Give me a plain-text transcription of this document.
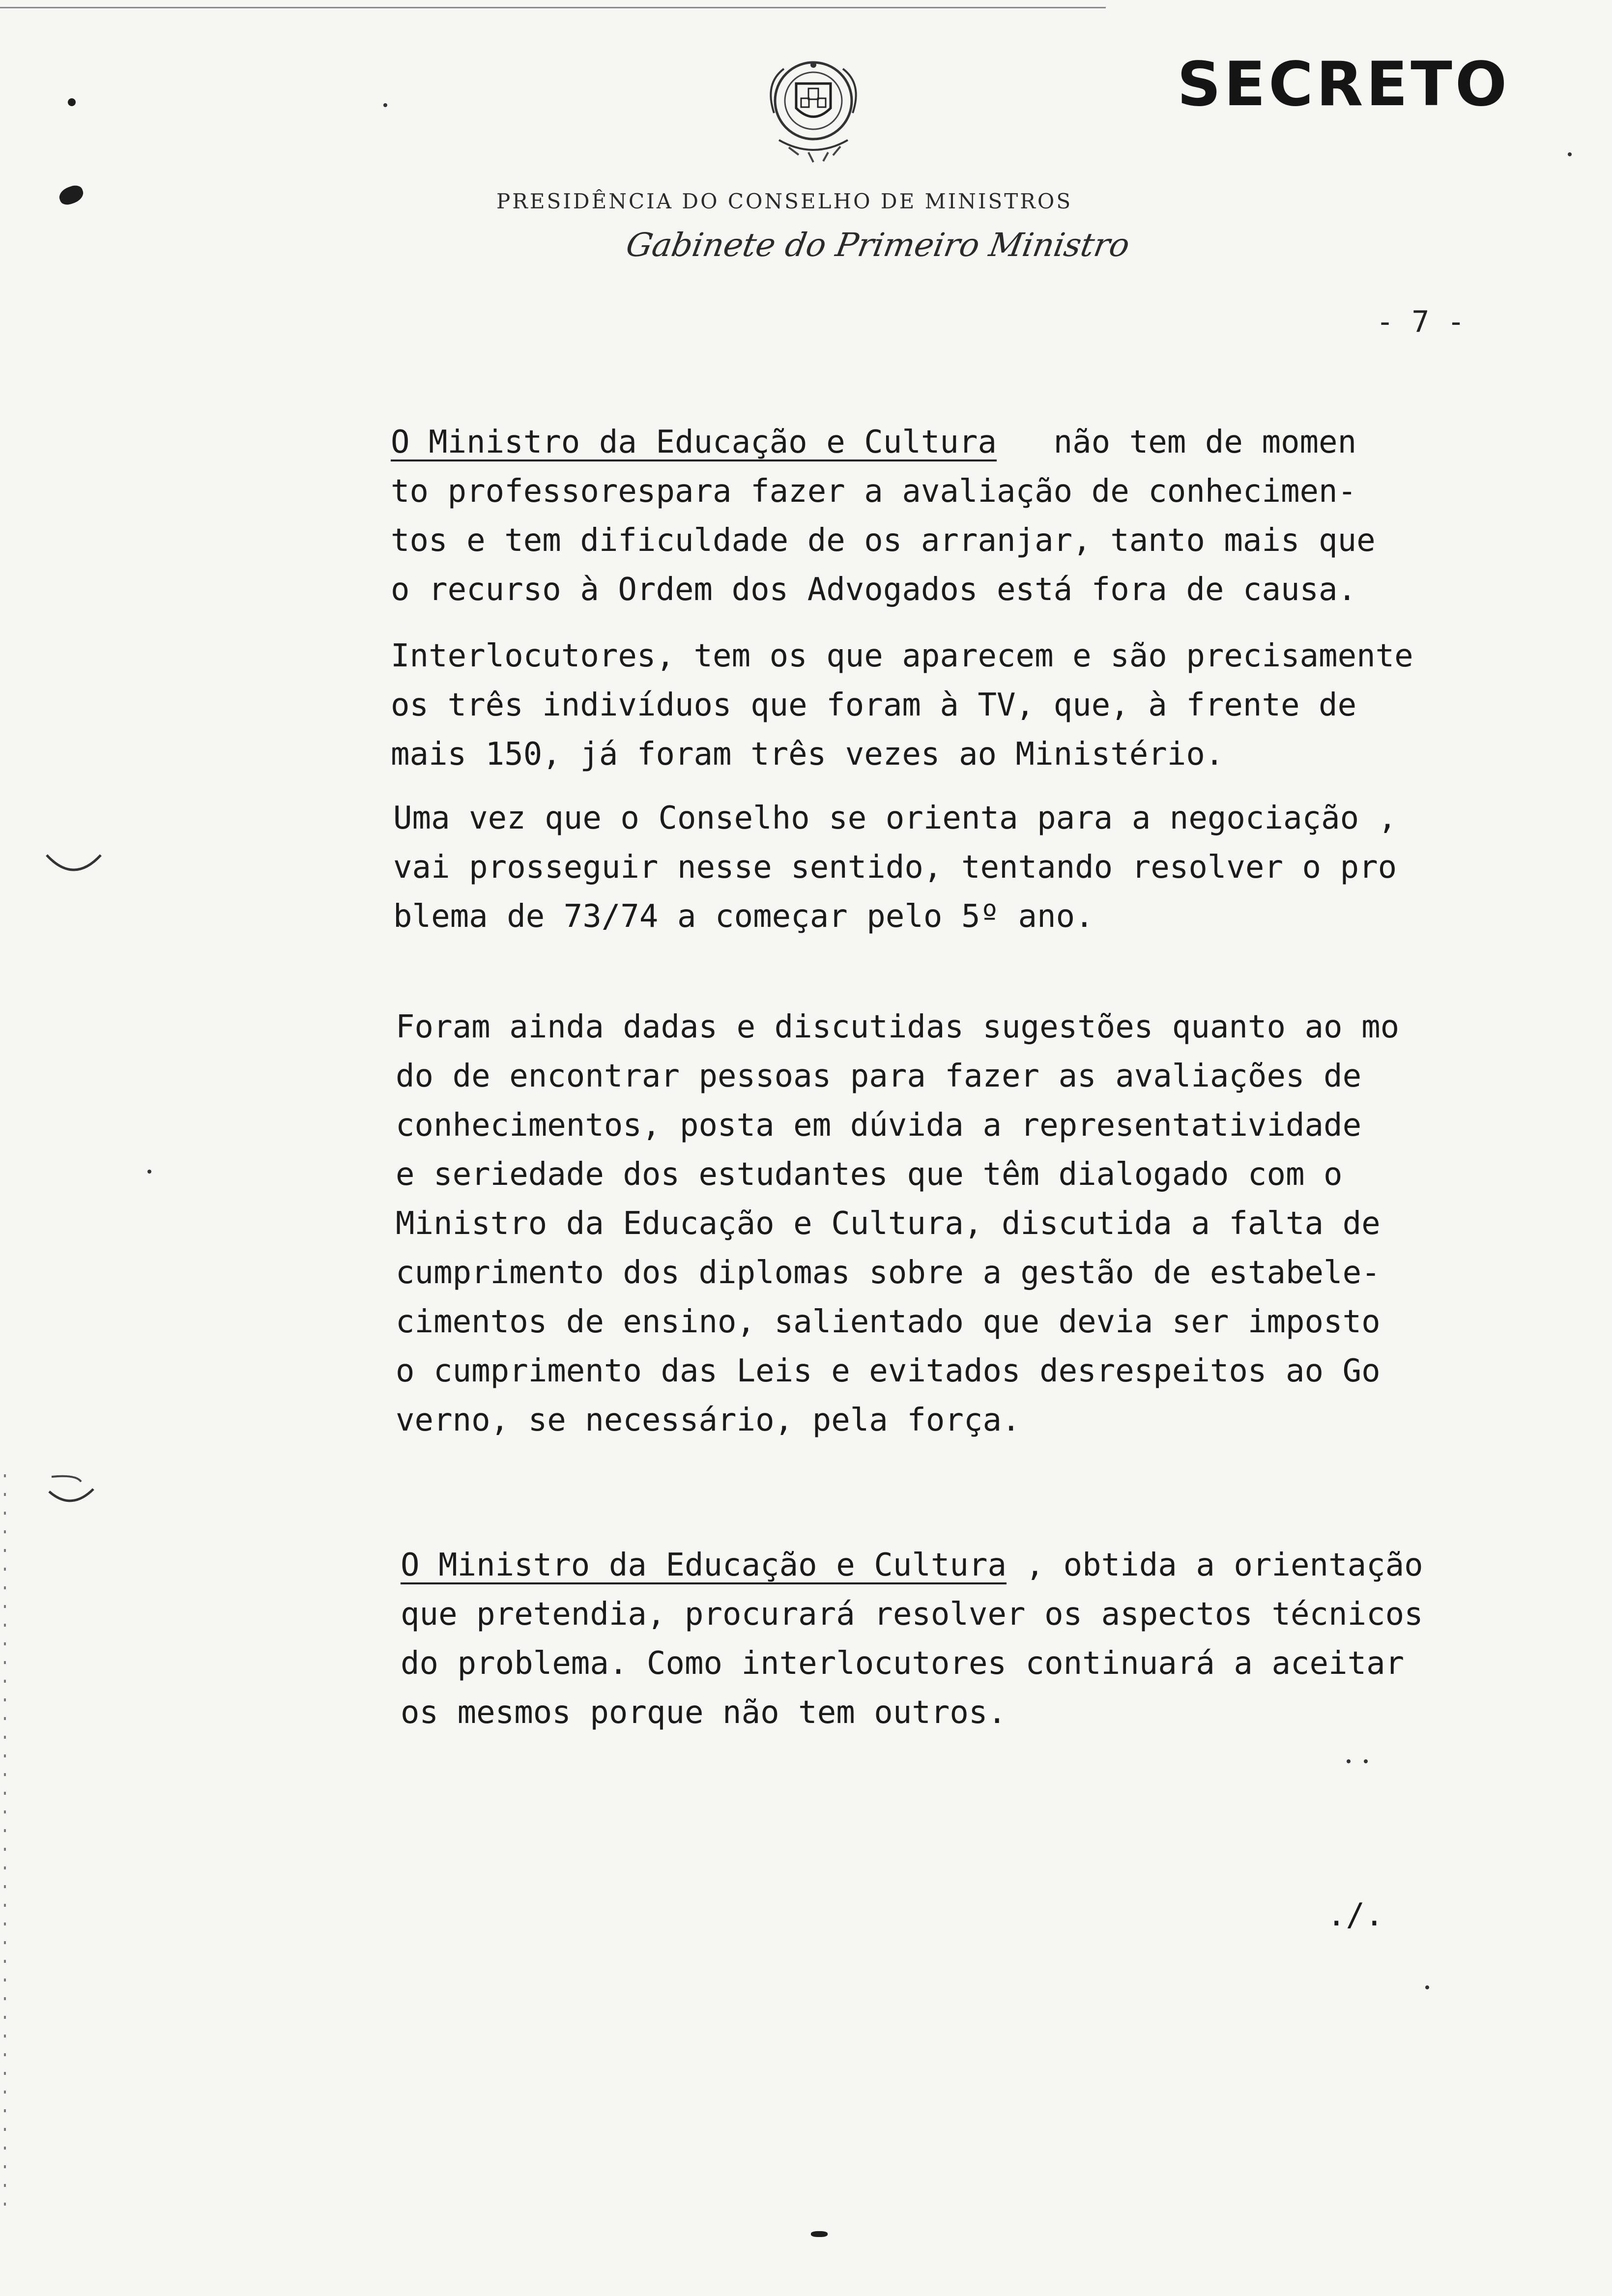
SECRETO
PRESIDÊNCIA DO CONSELHO DE MINISTROS
Gabinete do Primeiro Ministro
- 7 -
O Ministro da Educação e Cultura   não tem de momen
to professorespara fazer a avaliação de conhecimen-
tos e tem dificuldade de os arranjar, tanto mais que
o recurso à Ordem dos Advogados está fora de causa.
Interlocutores, tem os que aparecem e são precisamente
os três indivíduos que foram à TV, que, à frente de
mais 150, já foram três vezes ao Ministério.
Uma vez que o Conselho se orienta para a negociação ,
vai prosseguir nesse sentido, tentando resolver o pro
blema de 73/74 a começar pelo 5º ano.
Foram ainda dadas e discutidas sugestões quanto ao mo
do de encontrar pessoas para fazer as avaliações de
conhecimentos, posta em dúvida a representatividade
e seriedade dos estudantes que têm dialogado com o
Ministro da Educação e Cultura, discutida a falta de
cumprimento dos diplomas sobre a gestão de estabele-
cimentos de ensino, salientado que devia ser imposto
o cumprimento das Leis e evitados desrespeitos ao Go
verno, se necessário, pela força.
O Ministro da Educação e Cultura , obtida a orientação
que pretendia, procurará resolver os aspectos técnicos
do problema. Como interlocutores continuará a aceitar
os mesmos porque não tem outros.
./.
